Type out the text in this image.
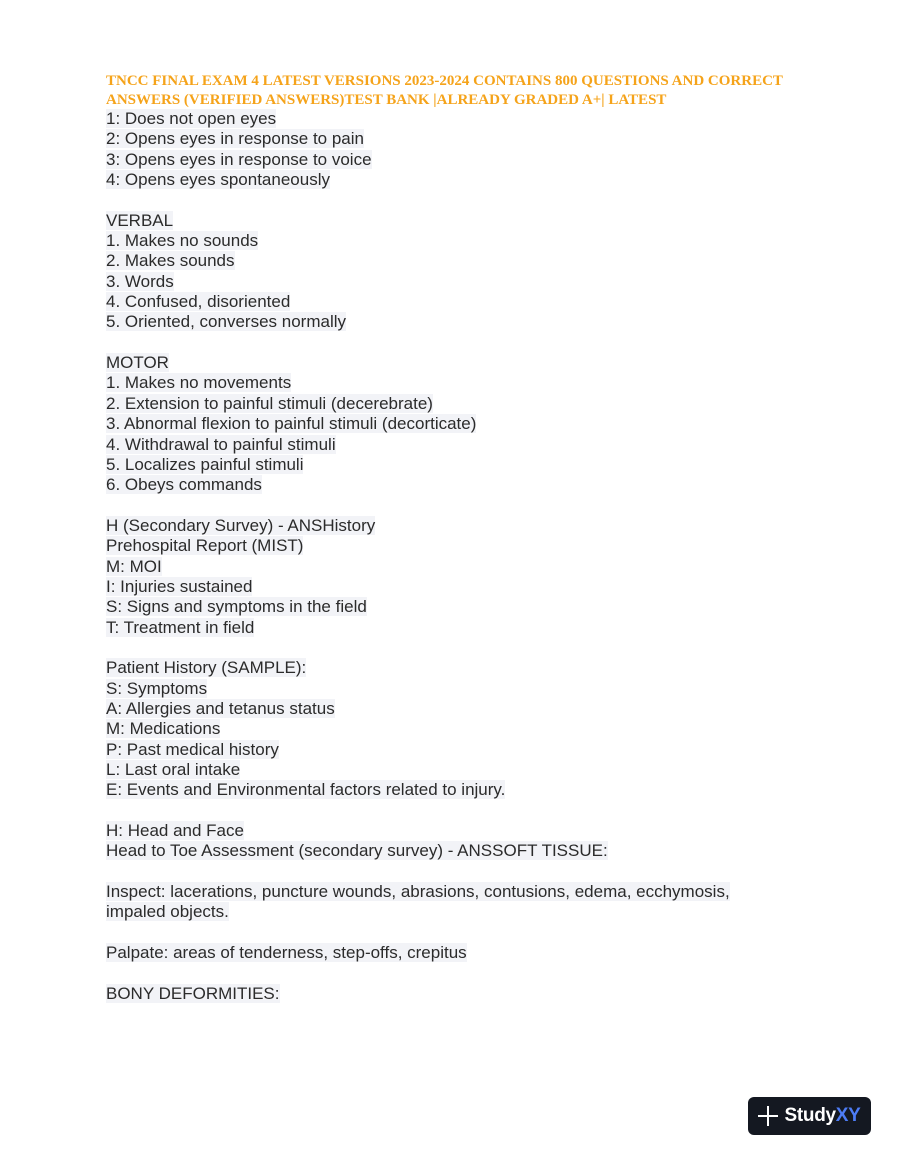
TNCC FINAL EXAM 4 LATEST VERSIONS 2023-2024 CONTAINS 800 QUESTIONS AND CORRECT ANSWERS (VERIFIED ANSWERS)TEST BANK |ALREADY GRADED A+| LATEST
1: Does not open eyes
2: Opens eyes in response to pain
3: Opens eyes in response to voice
4: Opens eyes spontaneously
VERBAL
1. Makes no sounds
2. Makes sounds
3. Words
4. Confused, disoriented
5. Oriented, converses normally
MOTOR
1. Makes no movements
2. Extension to painful stimuli (decerebrate)
3. Abnormal flexion to painful stimuli (decorticate)
4. Withdrawal to painful stimuli
5. Localizes painful stimuli
6. Obeys commands
H (Secondary Survey) - ANSHistory
Prehospital Report (MIST)
M: MOI
I: Injuries sustained
S: Signs and symptoms in the field
T: Treatment in field
Patient History (SAMPLE):
S: Symptoms
A: Allergies and tetanus status
M: Medications
P: Past medical history
L: Last oral intake
E: Events and Environmental factors related to injury.
H: Head and Face
Head to Toe Assessment (secondary survey) - ANSSOFT TISSUE:
Inspect: lacerations, puncture wounds, abrasions, contusions, edema, ecchymosis,
impaled objects.
Palpate: areas of tenderness, step-offs, crepitus
BONY DEFORMITIES:
StudyXY
